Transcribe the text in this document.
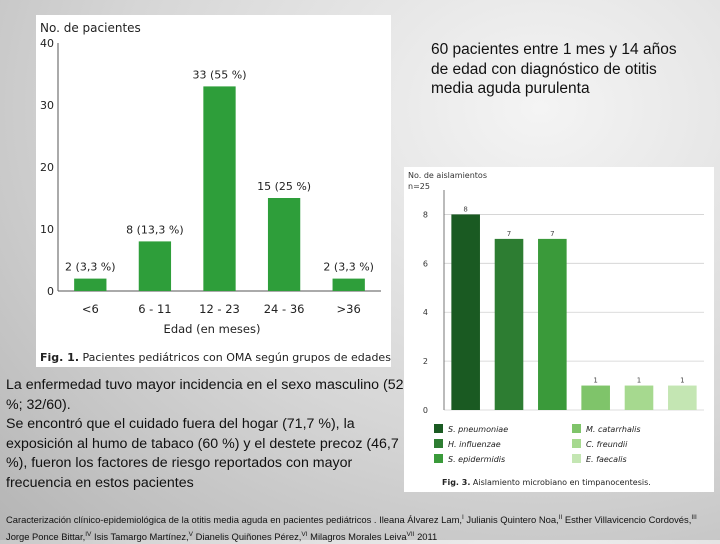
No. de pacientes
0
10
20
30
40
2 (3,3 %)
8 (13,3 %)
33 (55 %)
15 (25 %)
2 (3,3 %)
<6	6 - 11 12 - 23 24 - 36	>36
Edad (en meses)
Fig. 1. Pacientes pediátricos con OMA según grupos de edades.
60 pacientes entre 1 mes y 14 años de edad con diagnóstico de otitis media aguda purulenta
No. de aislamientos
n=25
0
2
4
6
8
8
7	7
1	1	1
S. pneumoniae
H. influenzae
S. epidermidis
M. catarrhalis
C. freundii
E. faecalis
Fig. 3. Aislamiento microbiano en timpanocentesis.

La enfermedad tuvo mayor incidencia en el sexo masculino (52 %; 32/60).

Se encontró que el cuidado fuera del hogar (71,7 %), la exposición al humo de tabaco (60 %) y el destete precoz (46,7 %), fueron los factores de riesgo reportados con mayor frecuencia en estos pacientes

Caracterización clínico-epidemiológica de la otitis media aguda en pacientes pediátricos . Ileana Álvarez Lam,$^I$ Julianis Quintero Noa,$^{II}$ Esther Villavicencio Cordovés,$^{III}$ Jorge Ponce Bittar,$^{IV}$ Isis Tamargo Martínez,$^V$ Dianelis Quiñones Pérez,$^{VI}$ Milagros Morales Leiva$^{VII}$ 2011
